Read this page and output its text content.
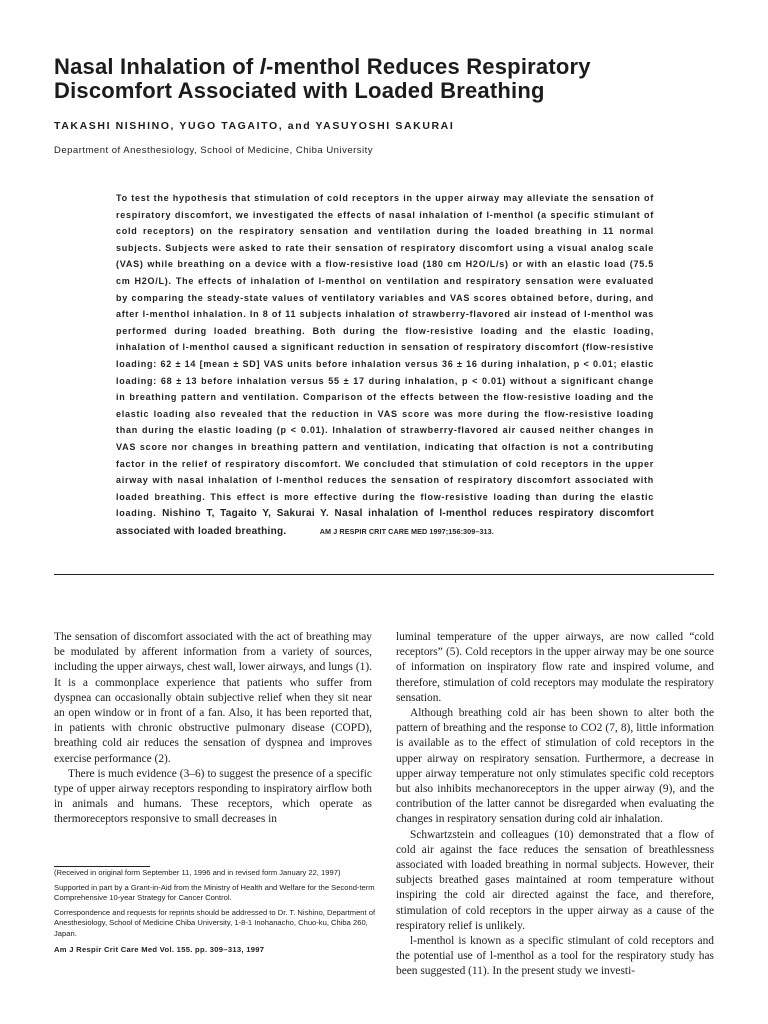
Nasal Inhalation of l-menthol Reduces Respiratory
Discomfort Associated with Loaded Breathing
TAKASHI NISHINO, YUGO TAGAITO, and YASUYOSHI SAKURAI
Department of Anesthesiology, School of Medicine, Chiba University
To test the hypothesis that stimulation of cold receptors in the upper airway may alleviate the sensation of respiratory discomfort, we investigated the effects of nasal inhalation of l-menthol (a specific stimulant of cold receptors) on the respiratory sensation and ventilation during the loaded breathing in 11 normal subjects. Subjects were asked to rate their sensation of respiratory discomfort using a visual analog scale (VAS) while breathing on a device with a flow-resistive load (180 cm H2O/L/s) or with an elastic load (75.5 cm H2O/L). The effects of inhalation of l-menthol on ventilation and respiratory sensation were evaluated by comparing the steady-state values of ventilatory variables and VAS scores obtained before, during, and after l-menthol inhalation. In 8 of 11 subjects inhalation of strawberry-flavored air instead of l-menthol was performed during loaded breathing. Both during the flow-resistive loading and the elastic loading, inhalation of l-menthol caused a significant reduction in sensation of respiratory discomfort (flow-resistive loading: 62 ± 14 [mean ± SD] VAS units before inhalation versus 36 ± 16 during inhalation, p < 0.01; elastic loading: 68 ± 13 before inhalation versus 55 ± 17 during inhalation, p < 0.01) without a significant change in breathing pattern and ventilation. Comparison of the effects between the flow-resistive loading and the elastic loading also revealed that the reduction in VAS score was more during the flow-resistive loading than during the elastic loading (p < 0.01). Inhalation of strawberry-flavored air caused neither changes in VAS score nor changes in breathing pattern and ventilation, indicating that olfaction is not a contributing factor in the relief of respiratory discomfort. We concluded that stimulation of cold receptors in the upper airway with nasal inhalation of l-menthol reduces the sensation of respiratory discomfort associated with loaded breathing. This effect is more effective during the flow-resistive loading than during the elastic loading. Nishino T, Tagaito Y, Sakurai Y. Nasal inhalation of l-menthol reduces respiratory discomfort associated with loaded breathing.	AM J RESPIR CRIT CARE MED 1997;156:309–313.

The sensation of discomfort associated with the act of breathing may be modulated by afferent information from a variety of sources, including the upper airways, chest wall, lower airways, and lungs (1). It is a commonplace experience that patients who suffer from dyspnea can occasionally obtain subjective relief when they sit near an open window or in front of a fan. Also, it has been reported that, in patients with chronic obstructive pulmonary disease (COPD), breathing cold air reduces the sensation of dyspnea and improves exercise performance (2).

There is much evidence (3–6) to suggest the presence of a specific type of upper airway receptors responding to inspiratory airflow both in animals and humans. These receptors, which operate as thermoreceptors responsive to small decreases in

luminal temperature of the upper airways, are now called “cold receptors” (5). Cold receptors in the upper airway may be one source of information on inspiratory flow rate and inspired volume, and therefore, stimulation of cold receptors may modulate the respiratory sensation.

Although breathing cold air has been shown to alter both the pattern of breathing and the response to CO2 (7, 8), little information is available as to the effect of stimulation of cold receptors in the upper airway on respiratory sensation. Furthermore, a decrease in upper airway temperature not only stimulates specific cold receptors but also inhibits mechanoreceptors in the upper airway (9), and the contribution of the latter cannot be disregarded when evaluating the changes in respiratory sensation during cold air inhalation.

Schwartzstein and colleagues (10) demonstrated that a flow of cold air against the face reduces the sensation of breathlessness associated with loaded breathing in normal subjects. However, their subjects breathed gases maintained at room temperature without inspiring the cold air directed against the face, and therefore, stimulation of cold receptors in the upper airway as a cause of the respiratory relief is unlikely.

l-menthol is known as a specific stimulant of cold receptors and the potential use of l-menthol as a tool for the respiratory study has been suggested (11). In the present study we investi-

(Received in original form September 11, 1996 and in revised form January 22, 1997)

Supported in part by a Grant-in-Aid from the Ministry of Health and Welfare for the Second-term Comprehensive 10-year Strategy for Cancer Control.

Correspondence and requests for reprints should be addressed to Dr. T. Nishino, Department of Anesthesiology, School of Medicine Chiba University, 1-8-1 Inohanacho, Chuo-ku, Chiba 260, Japan.

Am J Respir Crit Care Med Vol. 155. pp. 309–313, 1997
